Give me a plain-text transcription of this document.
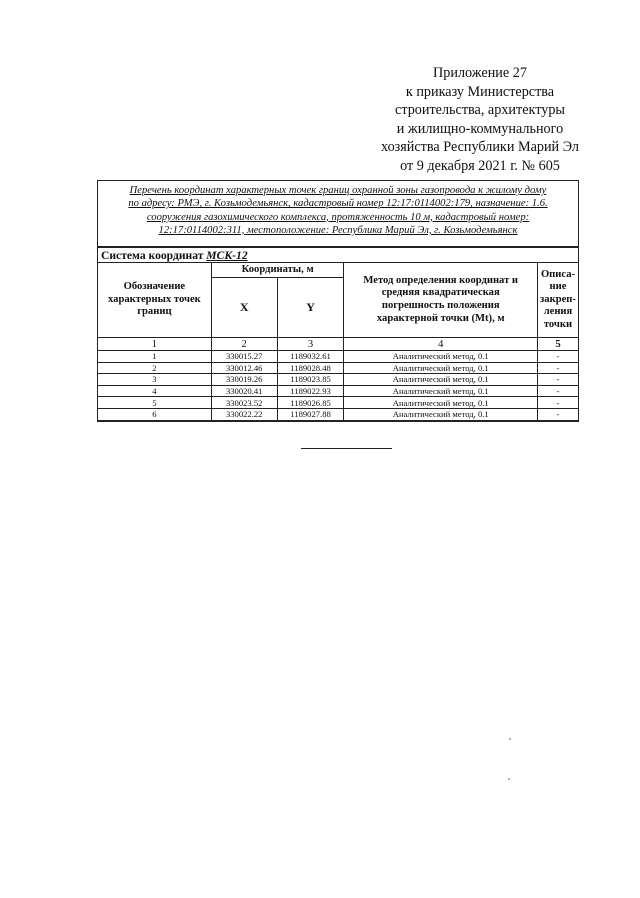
Приложение 27
к приказу Министерства
строительства, архитектуры
и жилищно-коммунального
хозяйства Республики Марий Эл
от 9 декабря 2021 г. № 605
Перечень координат характерных точек границ охранной зоны газопровода к жилому дому
по адресу: РМЭ, г. Козьмодемьянск, кадастровый номер 12:17:0114002:179, назначение: 1.6.
сооружения газохимического комплекса, протяженность 10 м, кадастровый номер:
12:17:0114002:311, местоположение: Республика Марий Эл, г. Козьмодемьянск
Система координат МСК-12				
Обозначение характерных точек границ	Координаты, м		Метод определения координат и средняя квадратическая погрешность положения характерной точки (Mt), м	Описа-ние закреп-ления точки
	X	Y		
1	2	3	4	5
1	330015.27	1189032.61	Аналитический метод, 0.1	-
2	330012.46	1189028.48	Аналитический метод, 0.1	-
3	330019.26	1189023.85	Аналитический метод, 0.1	-
4	330020.41	1189022.93	Аналитический метод, 0.1	-
5	330023.52	1189026.85	Аналитический метод, 0.1	-
6	330022.22	1189027.88	Аналитический метод, 0.1	-
